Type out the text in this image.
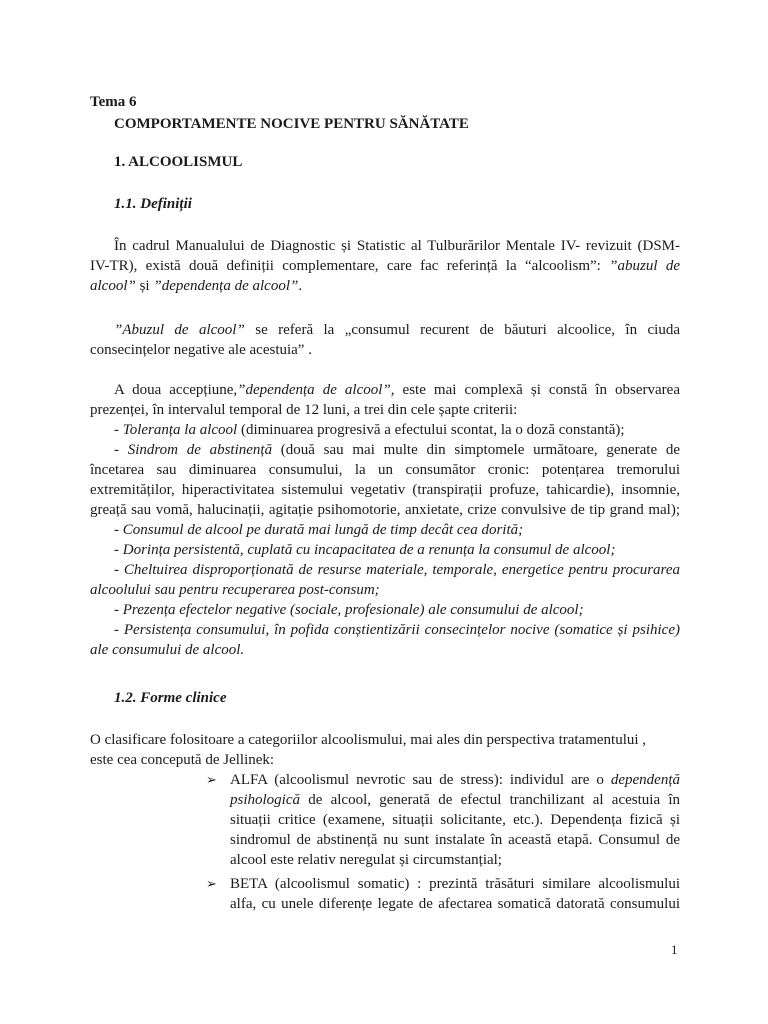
Tema 6
COMPORTAMENTE NOCIVE PENTRU SĂNĂTATE
1. ALCOOLISMUL
1.1. Definiții
În cadrul Manualului de Diagnostic și Statistic al Tulburărilor Mentale IV- revizuit (DSM-
IV-TR), există două definiții complementare, care fac referință la “alcoolism”: ”abuzul de
alcool” și ”dependența de alcool”.
”Abuzul de alcool” se referă la „consumul recurent de băuturi alcoolice, în ciuda
consecințelor negative ale acestuia” .
A doua accepțiune,”dependența de alcool”, este mai complexă și constă în observarea
prezenței, în intervalul temporal de 12 luni, a trei din cele șapte criterii:
- Toleranța la alcool (diminuarea progresivă a efectului scontat, la o doză constantă);
- Sindrom de abstinență (două sau mai multe din simptomele următoare, generate de
încetarea sau diminuarea consumului, la un consumător cronic: potențarea tremorului
extremităților, hiperactivitatea sistemului vegetativ (transpirații profuze, tahicardie), insomnie,
greață sau vomă, halucinații, agitație psihomotorie, anxietate, crize convulsive de tip grand mal);
- Consumul de alcool pe durată mai lungă de timp decât cea dorită;
- Dorința persistentă, cuplată cu incapacitatea de a renunța la consumul de alcool;
- Cheltuirea disproporționată de resurse materiale, temporale, energetice pentru procurarea
alcoolului sau pentru recuperarea post-consum;
- Prezența efectelor negative (sociale, profesionale) ale consumului de alcool;
- Persistența consumului, în pofida conștientizării consecințelor nocive (somatice și psihice)
ale consumului de alcool.
1.2. Forme clinice
O clasificare folositoare a categoriilor alcoolismului, mai ales din perspectiva tratamentului ,
este cea concepută de Jellinek:
➢ ALFA (alcoolismul nevrotic sau de stress): individul are o dependență
psihologică de alcool, generată de efectul tranchilizant al acestuia în
situații critice (examene, situații solicitante, etc.). Dependența fizică și
sindromul de abstinență nu sunt instalate în această etapă. Consumul de
alcool este relativ neregulat și circumstanțial;
➢ BETA (alcoolismul somatic) : prezintă trăsături similare alcoolismului
alfa, cu unele diferențe legate de afectarea somatică datorată consumului
1
